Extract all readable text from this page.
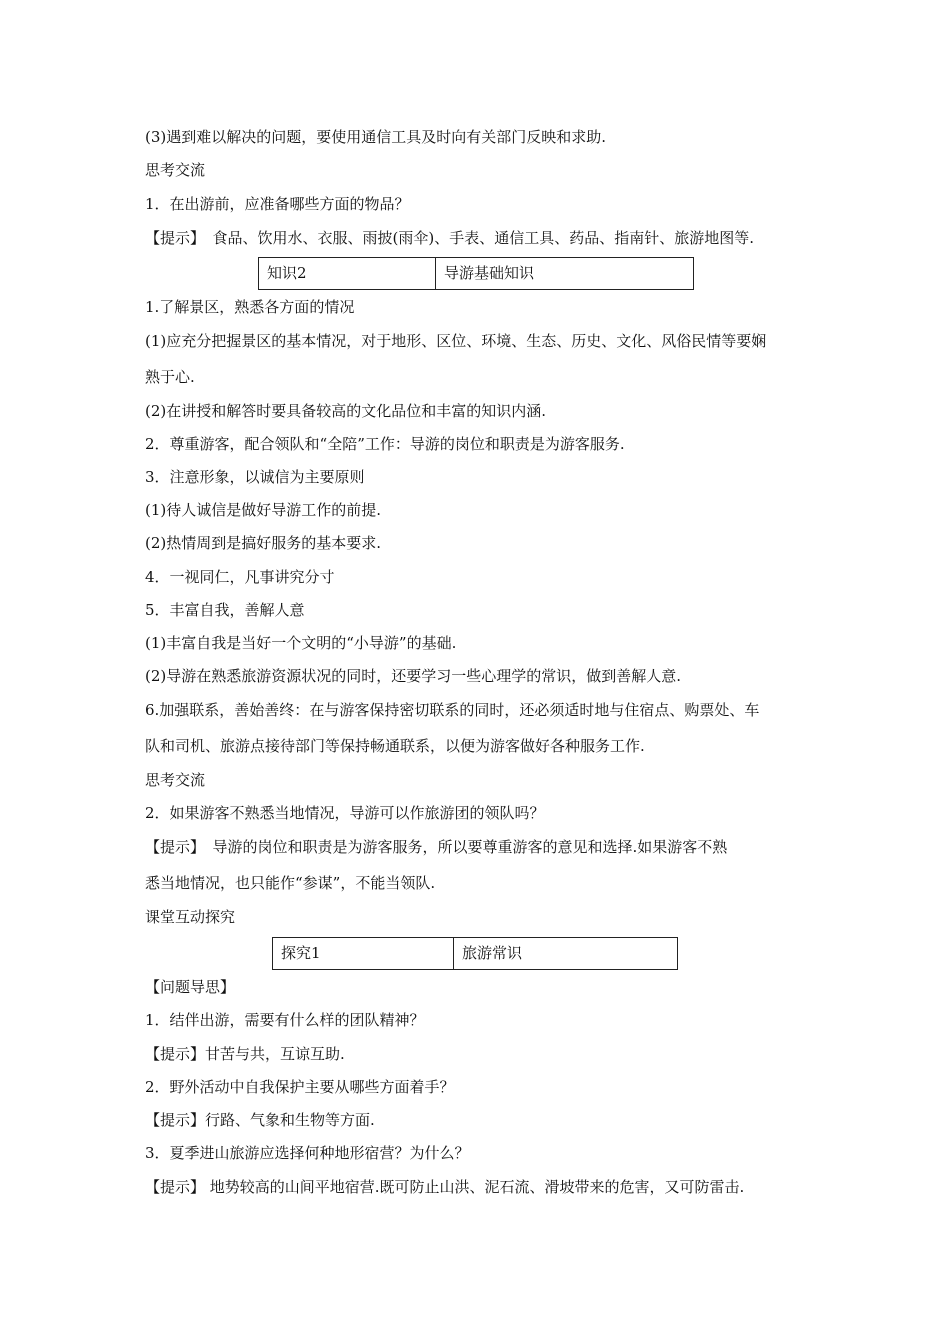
(3)遇到难以解决的问题，要使用通信工具及时向有关部门反映和求助.
思考交流
1．在出游前，应准备哪些方面的物品？
【提示】　食品、饮用水、衣服、雨披(雨伞)、手表、通信工具、药品、指南针、旅游地图等.
知识2	导游基础知识
1.了解景区，熟悉各方面的情况
(1)应充分把握景区的基本情况，对于地形、区位、环境、生态、历史、文化、风俗民情等要娴
熟于心.
(2)在讲授和解答时要具备较高的文化品位和丰富的知识内涵.
2．尊重游客，配合领队和“全陪”工作：导游的岗位和职责是为游客服务.
3．注意形象，以诚信为主要原则
(1)待人诚信是做好导游工作的前提.
(2)热情周到是搞好服务的基本要求.
4．一视同仁，凡事讲究分寸
5．丰富自我，善解人意
(1)丰富自我是当好一个文明的“小导游”的基础.
(2)导游在熟悉旅游资源状况的同时，还要学习一些心理学的常识，做到善解人意.
6.加强联系，善始善终：在与游客保持密切联系的同时，还必须适时地与住宿点、购票处、车
队和司机、旅游点接待部门等保持畅通联系，以便为游客做好各种服务工作.
思考交流
2．如果游客不熟悉当地情况，导游可以作旅游团的领队吗？
【提示】　导游的岗位和职责是为游客服务，所以要尊重游客的意见和选择.如果游客不熟
悉当地情况，也只能作“参谋”，不能当领队.
课堂互动探究
探究1	旅游常识
【问题导思】
1．结伴出游，需要有什么样的团队精神？
【提示】甘苦与共，互谅互助.
2．野外活动中自我保护主要从哪些方面着手？
【提示】行路、气象和生物等方面.
3．夏季进山旅游应选择何种地形宿营？为什么？
【提示】 地势较高的山间平地宿营.既可防止山洪、泥石流、滑坡带来的危害，又可防雷击.
